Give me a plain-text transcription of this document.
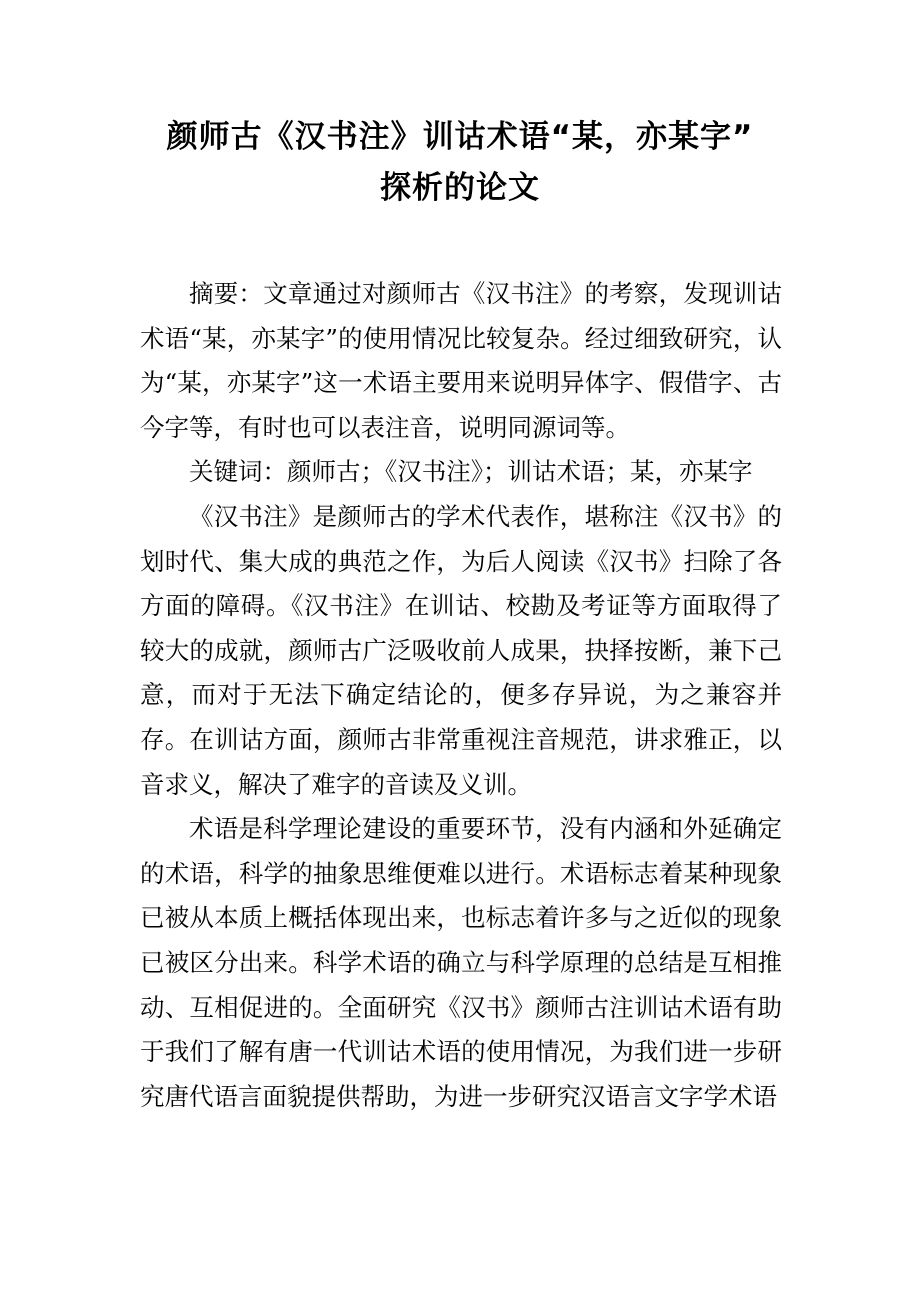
颜师古《汉书注》训诂术语“某，亦某字”
探析的论文

摘要：文章通过对颜师古《汉书注》的考察，发现训诂术语“某，亦某字”的使用情况比较复杂。经过细致研究，认为“某，亦某字”这一术语主要用来说明异体字、假借字、古今字等，有时也可以表注音，说明同源词等。

关键词：颜师古；《汉书注》；训诂术语；某，亦某字

《汉书注》是颜师古的学术代表作，堪称注《汉书》的划时代、集大成的典范之作，为后人阅读《汉书》扫除了各方面的障碍。《汉书注》在训诂、校勘及考证等方面取得了较大的成就，颜师古广泛吸收前人成果，抉择按断，兼下己意，而对于无法下确定结论的，便多存异说，为之兼容并存。在训诂方面，颜师古非常重视注音规范，讲求雅正，以音求义，解决了难字的音读及义训。

术语是科学理论建设的重要环节，没有内涵和外延确定的术语，科学的抽象思维便难以进行。术语标志着某种现象已被从本质上概括体现出来，也标志着许多与之近似的现象已被区分出来。科学术语的确立与科学原理的总结是互相推动、互相促进的。全面研究《汉书》颜师古注训诂术语有助于我们了解有唐一代训诂术语的使用情况，为我们进一步研究唐代语言面貌提供帮助，为进一步研究汉语言文字学术语
